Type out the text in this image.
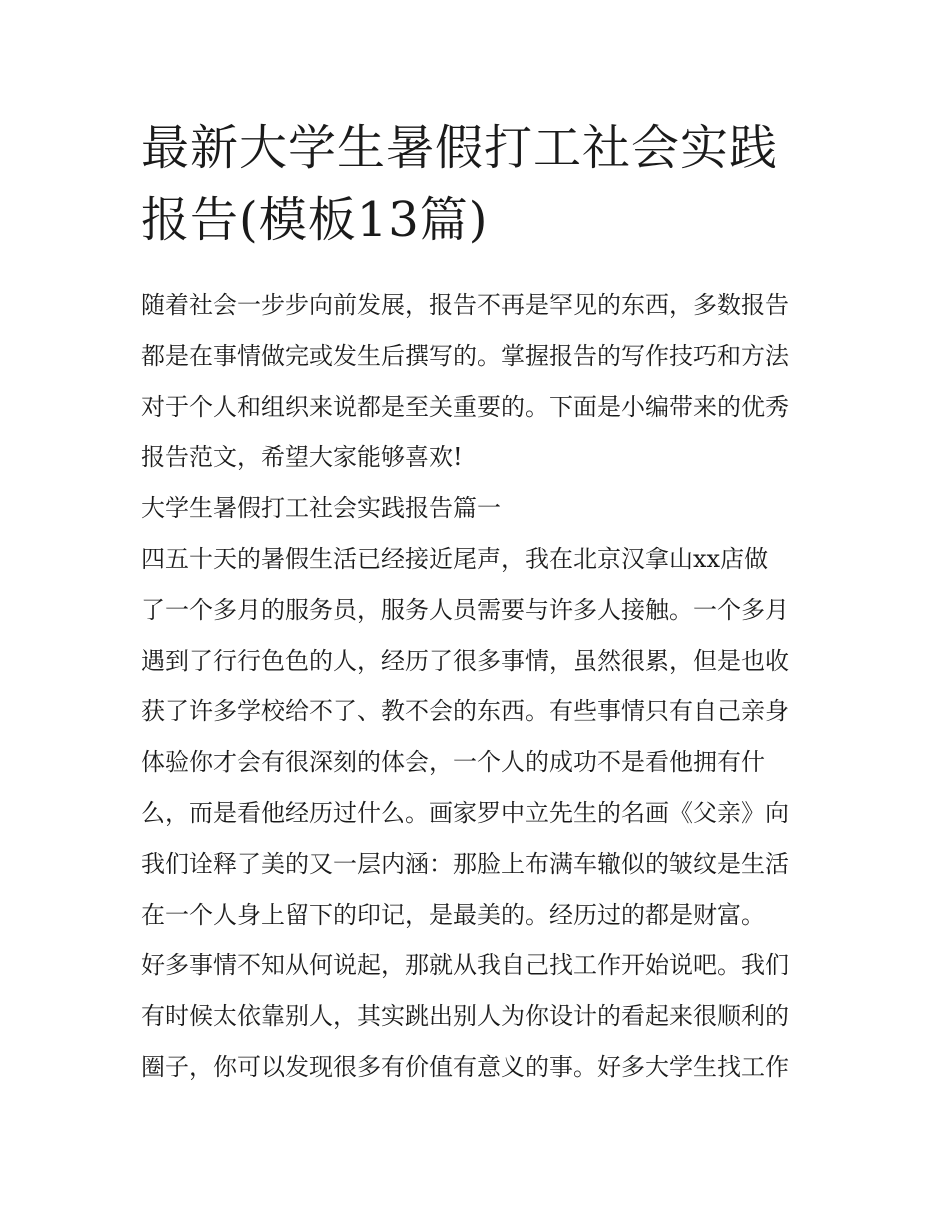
最新大学生暑假打工社会实践
报告(模板13篇)

随着社会一步步向前发展，报告不再是罕见的东西，多数报告

都是在事情做完或发生后撰写的。掌握报告的写作技巧和方法

对于个人和组织来说都是至关重要的。下面是小编带来的优秀

报告范文，希望大家能够喜欢!

大学生暑假打工社会实践报告篇一

四五十天的暑假生活已经接近尾声，我在北京汉拿山xx店做

了一个多月的服务员，服务人员需要与许多人接触。一个多月

遇到了行行色色的人，经历了很多事情，虽然很累，但是也收

获了许多学校给不了、教不会的东西。有些事情只有自己亲身

体验你才会有很深刻的体会，一个人的成功不是看他拥有什

么，而是看他经历过什么。画家罗中立先生的名画《父亲》向

我们诠释了美的又一层内涵：那脸上布满车辙似的皱纹是生活

在一个人身上留下的印记，是最美的。经历过的都是财富。

好多事情不知从何说起，那就从我自己找工作开始说吧。我们

有时候太依靠别人，其实跳出别人为你设计的看起来很顺利的

圈子，你可以发现很多有价值有意义的事。好多大学生找工作
